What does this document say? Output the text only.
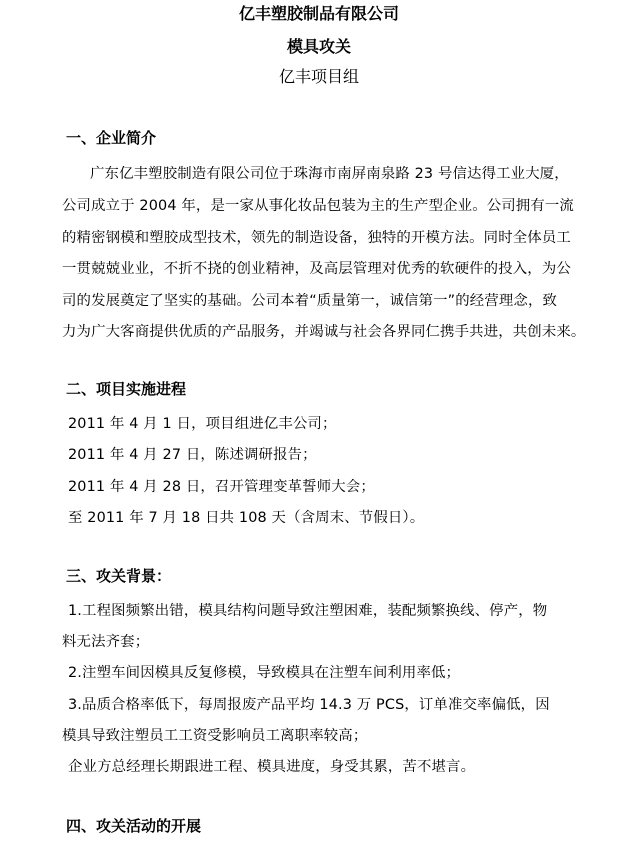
亿丰塑胶制品有限公司
模具攻关
亿丰项目组
一、企业简介
广东亿丰塑胶制造有限公司位于珠海市南屏南泉路 23 号信达得工业大厦，
公司成立于 2004 年，是一家从事化妆品包装为主的生产型企业。公司拥有一流
的精密钢模和塑胶成型技术，领先的制造设备，独特的开模方法。同时全体员工
一贯兢兢业业，不折不挠的创业精神，及高层管理对优秀的软硬件的投入，为公
司的发展奠定了坚实的基础。公司本着“质量第一，诚信第一”的经营理念，致
力为广大客商提供优质的产品服务，并竭诚与社会各界同仁携手共进，共创未来。
二、项目实施进程
2011 年 4 月 1 日，项目组进亿丰公司；
2011 年 4 月 27 日，陈述调研报告；
2011 年 4 月 28 日，召开管理变革誓师大会；
至 2011 年 7 月 18 日共 108 天（含周末、节假日）。
三、攻关背景：
1.工程图频繁出错，模具结构问题导致注塑困难，装配频繁换线、停产，物
料无法齐套；
2.注塑车间因模具反复修模，导致模具在注塑车间利用率低；
3.品质合格率低下，每周报废产品平均 14.3 万 PCS，订单准交率偏低，因
模具导致注塑员工工资受影响员工离职率较高；
企业方总经理长期跟进工程、模具进度，身受其累，苦不堪言。
四、攻关活动的开展
